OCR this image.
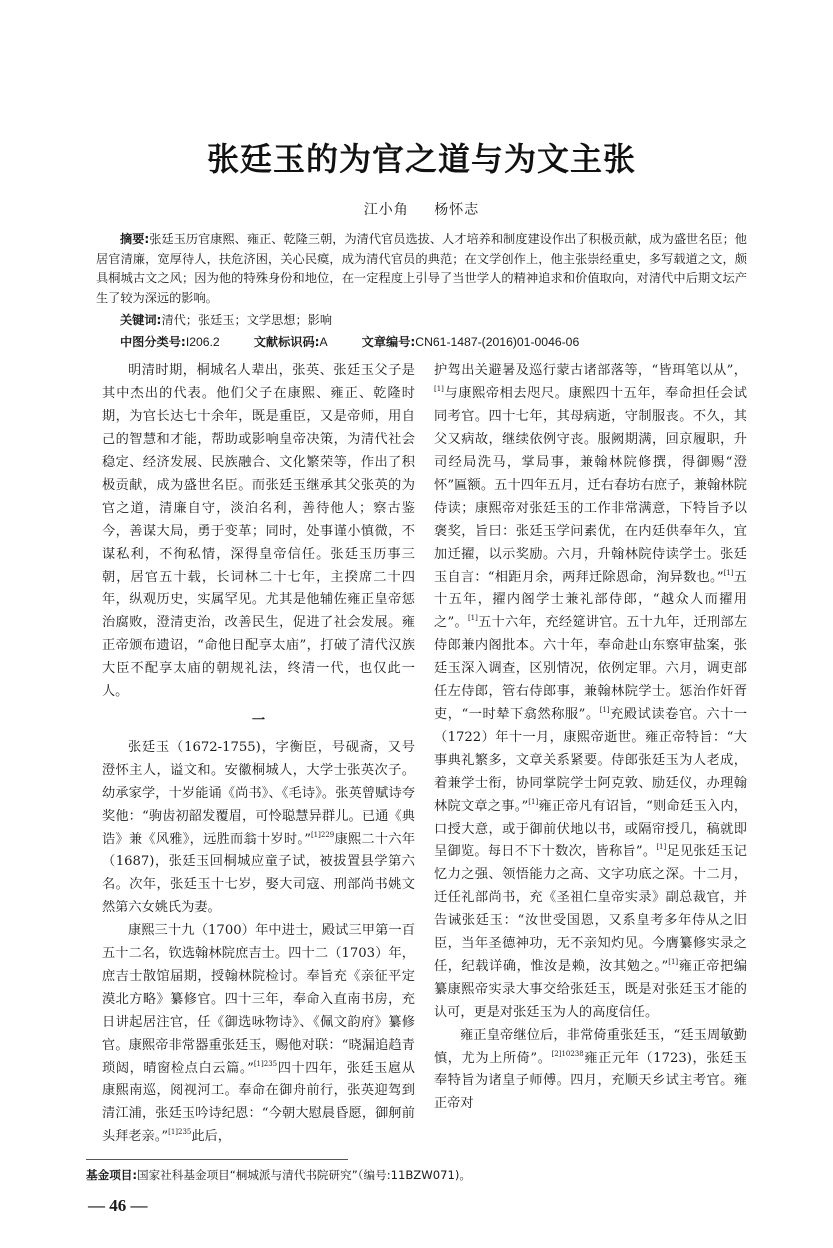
张廷玉的为官之道与为文主张
江小角 杨怀志
摘要:张廷玉历官康熙、雍正、乾隆三朝，为清代官员选拔、人才培养和制度建设作出了积极贡献，成为盛世名臣；他居官清廉，宽厚待人，扶危济困，关心民瘼，成为清代官员的典范；在文学创作上，他主张崇经重史，多写载道之文，颇具桐城古文之风；因为他的特殊身份和地位，在一定程度上引导了当世学人的精神追求和价值取向，对清代中后期文坛产生了较为深远的影响。
关键词:清代；张廷玉；文学思想；影响
中图分类号:I206.2	文献标识码:A	文章编号:CN61-1487-(2016)01-0046-06

明清时期，桐城名人辈出，张英、张廷玉父子是其中杰出的代表。他们父子在康熙、雍正、乾隆时期，为官长达七十余年，既是重臣，又是帝师，用自己的智慧和才能，帮助或影响皇帝决策，为清代社会稳定、经济发展、民族融合、文化繁荣等，作出了积极贡献，成为盛世名臣。而张廷玉继承其父张英的为官之道，清廉自守，淡泊名利，善待他人；察古鉴今，善谋大局，勇于变革；同时，处事谨小慎微，不谋私利，不徇私情，深得皇帝信任。张廷玉历事三朝，居官五十载，长词林二十七年，主揆席二十四年，纵观历史，实属罕见。尤其是他辅佐雍正皇帝惩治腐败，澄清吏治，改善民生，促进了社会发展。雍正帝颁布遗诏，“命他日配享太庙”，打破了清代汉族大臣不配享太庙的朝规礼法，终清一代，也仅此一人。

一

张廷玉（1672-1755)，字衡臣，号砚斋，又号澄怀主人，谥文和。安徽桐城人，大学士张英次子。幼承家学，十岁能诵《尚书》、《毛诗》。张英曾赋诗夸奖他：“驹齿初韶发覆眉，可怜聪慧异群儿。已通《典诰》兼《风雅》，远胜而翁十岁时。”$^{[1]229}$康熙二十六年（1687)，张廷玉回桐城应童子试，被拔置县学第六名。次年，张廷玉十七岁，娶大司寇、刑部尚书姚文然第六女姚氏为妻。

康熙三十九（1700）年中进士，殿试三甲第一百五十二名，钦选翰林院庶吉士。四十二（1703）年，庶吉士散馆届期，授翰林院检讨。奉旨充《亲征平定漠北方略》纂修官。四十三年，奉命入直南书房，充日讲起居注官，任《御选咏物诗》、《佩文韵府》纂修官。康熙帝非常器重张廷玉，赐他对联：“晓漏追趋青琐闼，晴窗检点白云篇。”$^{[1]235}$四十四年，张廷玉扈从康熙南巡，阅视河工。奉命在御舟前行，张英迎驾到清江浦，张廷玉吟诗纪恩：“今朝大慰晨昏愿，御舸前头拜老亲。”$^{[1]235}$此后，

护驾出关避暑及巡行蒙古诸部落等，“皆珥笔以从”，[1]与康熙帝相去咫尺。康熙四十五年，奉命担任会试同考官。四十七年，其母病逝，守制服丧。不久，其父又病故，继续依例守丧。服阙期满，回京履职，升司经局洗马，掌局事，兼翰林院修撰，得御赐“澄怀”匾额。五十四年五月，迁右春坊右庶子，兼翰林院侍读；康熙帝对张廷玉的工作非常满意，下特旨予以褒奖，旨曰：张廷玉学问素优，在内廷供奉年久，宜加迁擢，以示奖励。六月，升翰林院侍读学士。张廷玉自言：“相距月余，两拜迁除恩命，洵异数也。”[1]五十五年，擢内阁学士兼礼部侍郎，“越众人而擢用之”。[1]五十六年，充经筵讲官。五十九年，迁刑部左侍郎兼内阁批本。六十年，奉命赴山东察审盐案，张廷玉深入调查，区别情况，依例定罪。六月，调吏部任左侍郎，管右侍郎事，兼翰林院学士。惩治作奸胥吏，“一时辇下翕然称服”。[1]充殿试读卷官。六十一（1722）年十一月，康熙帝逝世。雍正帝特旨：“大事典礼繁多，文章关系紧要。侍郎张廷玉为人老成，着兼学士衔，协同掌院学士阿克敦、励廷仪，办理翰林院文章之事。”[1]雍正帝凡有诏旨，“则命廷玉入内，口授大意，或于御前伏地以书，或隔帘授几，稿就即呈御览。每日不下十数次，皆称旨”。[1]足见张廷玉记忆力之强、领悟能力之高、文字功底之深。十二月，迁任礼部尚书，充《圣祖仁皇帝实录》副总裁官，并告诫张廷玉：“汝世受国恩，又系皇考多年侍从之旧臣，当年圣德神功，无不亲知灼见。今膺纂修实录之任，纪载详确，惟汝是赖，汝其勉之。”[1]雍正帝把编纂康熙帝实录大事交给张廷玉，既是对张廷玉才能的认可，更是对张廷玉为人的高度信任。

雍正皇帝继位后，非常倚重张廷玉，“廷玉周敏勤慎，尤为上所倚”。$^{[2]10238}$雍正元年（1723)，张廷玉奉特旨为诸皇子师傅。四月，充顺天乡试主考官。雍正帝对

基金项目:国家社科基金项目“桐城派与清代书院研究”（编号:11BZW071)。
— 46 —
